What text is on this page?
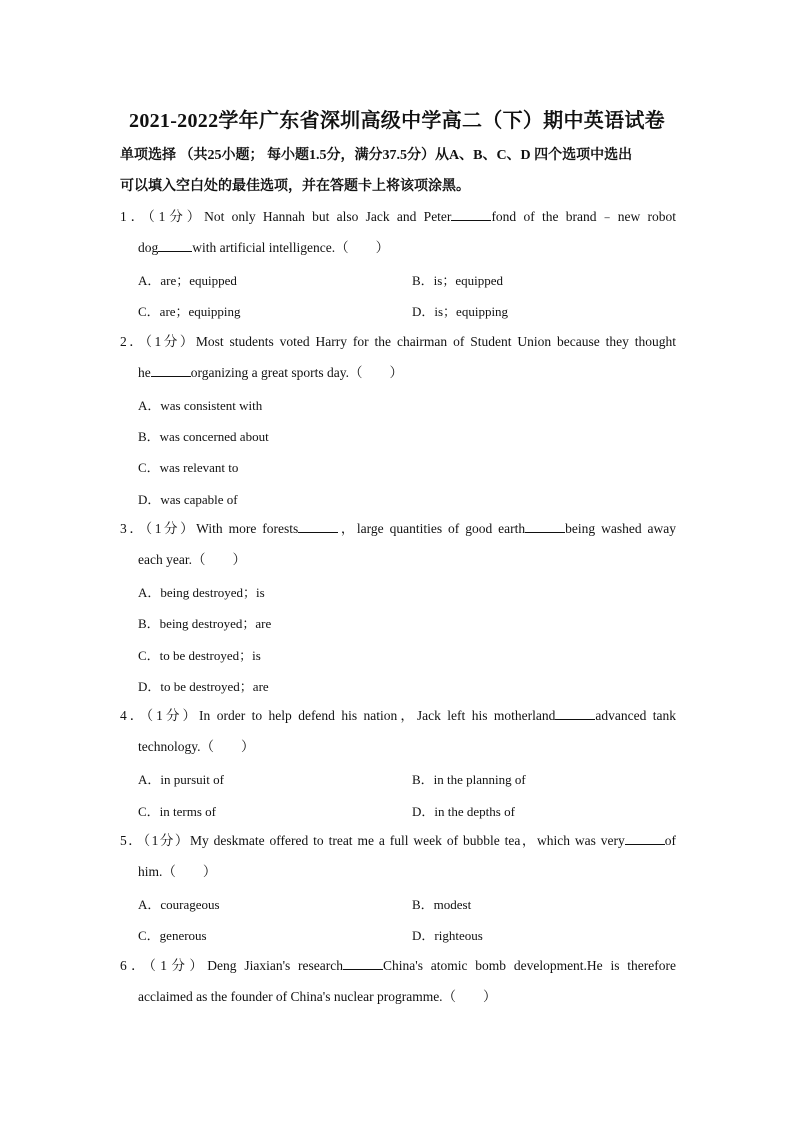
2021-2022学年广东省深圳高级中学高二（下）期中英语试卷
单项选择 （共25小题； 每小题1.5分，满分37.5分）从A、B、C、D 四个选项中选出
可以填入空白处的最佳选项，并在答题卡上将该项涂黑。
1．（1分）Not only Hannah but also Jack and Peter	fond of the brand﹣new robot
dog	with artificial intelligence.（　　）
A．are；equipped	B．is；equipped
C．are；equipping	D．is；equipping
2．（1分）Most students voted Harry for the chairman of Student Union because they thought
he	organizing a great sports day.（　　）
A．was consistent with
B．was concerned about
C．was relevant to
D．was capable of
3．（1分）With more forests	，large quantities of good earth	being washed away
each year.（　　）
A．being destroyed；is
B．being destroyed；are
C．to be destroyed；is
D．to be destroyed；are
4．（1分）In order to help defend his nation，Jack left his motherland	advanced tank
technology.（　　）
A．in pursuit of	B．in the planning of
C．in terms of	D．in the depths of
5．（1分）My deskmate offered to treat me a full week of bubble tea，which was very	of
him.（　　）
A．courageous	B．modest
C．generous	D．righteous
6．（1分）Deng Jiaxian's research	China's atomic bomb development.He is therefore
acclaimed as the founder of China's nuclear programme.（　　）
